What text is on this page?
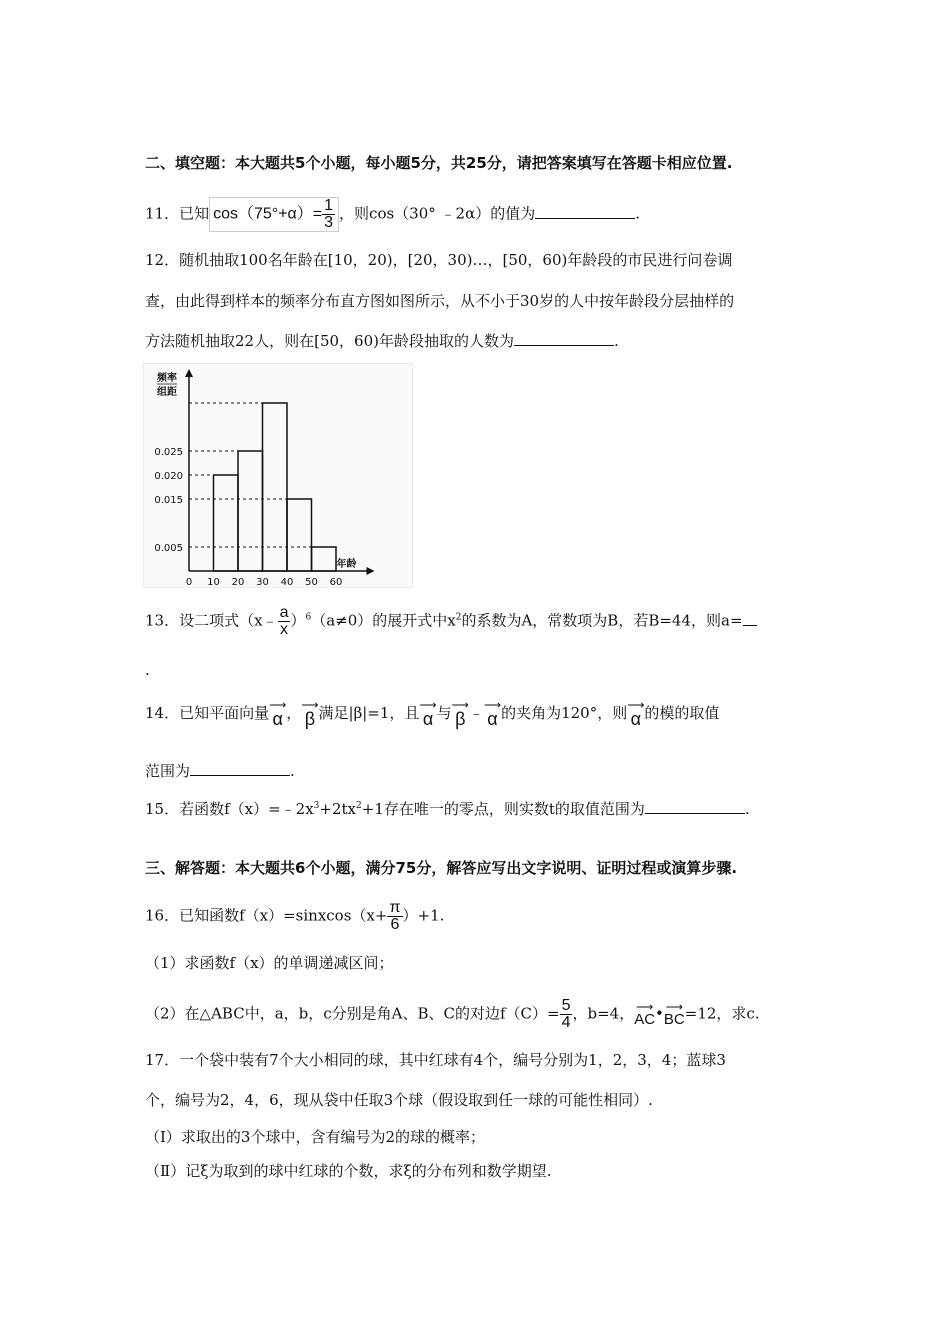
二、填空题：本大题共5个小题，每小题5分，共25分，请把答案填写在答题卡相应位置.
11．已知 $\cos(75^\circ+\alpha)= \frac{1}{3}$ ，则cos（30° ﹣2α）的值为	.
12．随机抽取100名年龄在[10，20)，[20，30)…，[50，60)年龄段的市民进行问卷调
查，由此得到样本的频率分布直方图如图所示，从不小于30岁的人中按年龄段分层抽样的
方法随机抽取22人，则在[50，60)年龄段抽取的人数为	.
频率
组距
0.025
0.020
0.015
0.005
0 10 20 30 40 50 60
年龄
13．设二项式（x﹣ $\frac{a}{x} )^6(a\ne 0)$的展开式中$x^2$的系数为A，常数项为B，若B=44，则a=
.
14．已知平面向量 ⟶
α ， ⟶
β 满足|β|=1，且 ⟶
α 与 ⟶
β ﹣ ⟶
α 的夹角为120°，则 ⟶
α 的模的取值
范围为	.
15．若函数$f(x)=﹣2x^3+2tx^2+1$存在唯一的零点，则实数t的取值范围为	.
三、解答题：本大题共6个小题，满分75分，解答应写出文字说明、证明过程或演算步骤.
16．已知函数f（x）=sinxcos（x+ $\frac{\pi}{6} )+1$.
（1）求函数f（x）的单调递减区间；
（2）在△ABC中，a，b，c分别是角A、B、C的对边$f(C)= \frac{5}{4}$ ，b=4， ⟶
AC • ⟶
BC =12，求c.
17．一个袋中装有7个大小相同的球，其中红球有4个，编号分别为1，2，3，4；蓝球3
个，编号为2，4，6，现从袋中任取3个球（假设取到任一球的可能性相同）.
（I）求取出的3个球中，含有编号为2的球的概率；
（Ⅱ）记ξ为取到的球中红球的个数，求ξ的分布列和数学期望.
